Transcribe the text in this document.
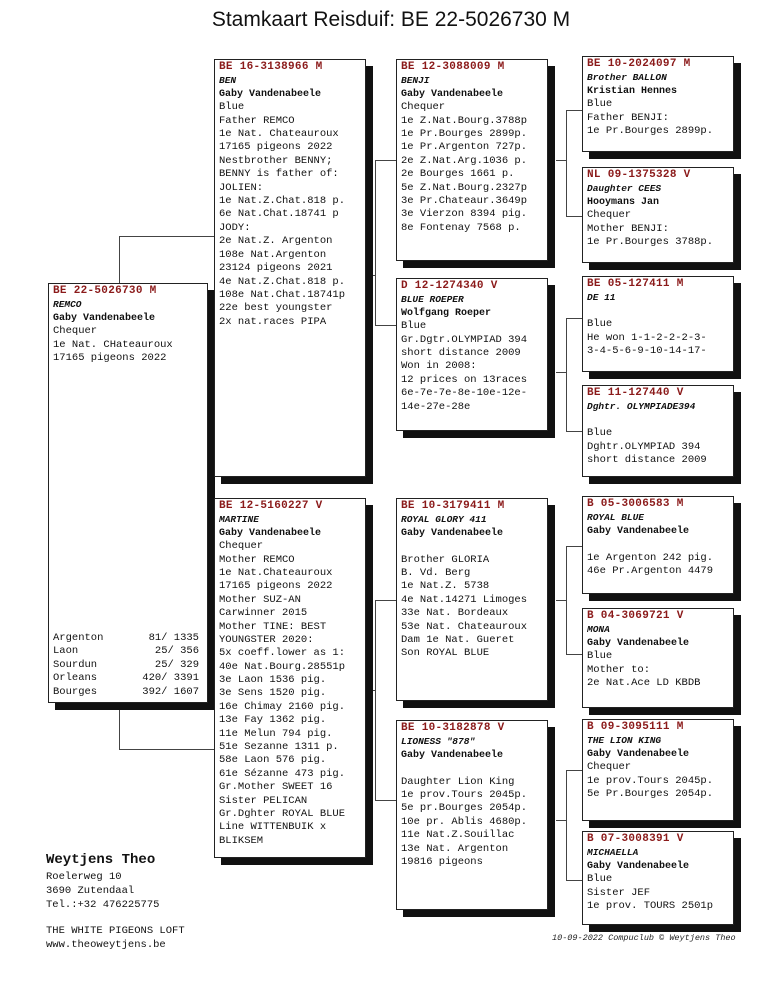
Stamkaart Reisduif: BE 22-5026730 M
BE 22-5026730 M
REMCO
Gaby Vandenabeele
Chequer
1e Nat. CHateauroux
17165 pigeons 2022
Argenton	81/ 1335
Laon	25/ 356
Sourdun	25/ 329
Orleans	420/ 3391
Bourges	392/ 1607
BE 16-3138966 M
BEN
Gaby Vandenabeele
Blue
Father REMCO
1e Nat. Chateauroux
17165 pigeons 2022
Nestbrother BENNY;
BENNY is father of:
JOLIEN:
1e Nat.Z.Chat.818 p.
6e Nat.Chat.18741 p
JODY:
2e Nat.Z. Argenton
108e Nat.Argenton
23124 pigeons 2021
4e Nat.Z.Chat.818 p.
108e Nat.Chat.18741p
22e best youngster
2x nat.races PIPA
BE 12-5160227 V
MARTINE
Gaby Vandenabeele
Chequer
Mother REMCO
1e Nat.Chateauroux
17165 pigeons 2022
Mother SUZ-AN
Carwinner 2015
Mother TINE: BEST
YOUNGSTER 2020:
5x coeff.lower as 1:
40e Nat.Bourg.28551p
3e Laon 1536 pig.
3e Sens 1520 pig.
16e Chimay 2160 pig.
13e Fay 1362 pig.
11e Melun 794 pig.
51e Sezanne 1311 p.
58e Laon 576 pig.
61e Sézanne 473 pig.
Gr.Mother SWEET 16
Sister PELICAN
Gr.Dghter ROYAL BLUE
Line WITTENBUIK x
BLIKSEM
BE 12-3088009 M
BENJI
Gaby Vandenabeele
Chequer
1e Z.Nat.Bourg.3788p
1e Pr.Bourges 2899p.
1e Pr.Argenton 727p.
2e Z.Nat.Arg.1036 p.
2e Bourges 1661 p.
5e Z.Nat.Bourg.2327p
3e Pr.Chateaur.3649p
3e Vierzon 8394 pig.
8e Fontenay 7568 p.
D 12-1274340 V
BLUE ROEPER
Wolfgang Roeper
Blue
Gr.Dgtr.OLYMPIAD 394
short distance 2009
Won in 2008:
12 prices on 13races
6e-7e-7e-8e-10e-12e-
14e-27e-28e
BE 10-3179411 M
ROYAL GLORY 411
Gaby Vandenabeele
Brother GLORIA
B. Vd. Berg
1e Nat.Z. 5738
4e Nat.14271 Limoges
33e Nat. Bordeaux
53e Nat. Chateauroux
Dam 1e Nat. Gueret
Son ROYAL BLUE
BE 10-3182878 V
LIONESS "878"
Gaby Vandenabeele
Daughter Lion King
1e prov.Tours 2045p.
5e pr.Bourges 2054p.
10e pr. Ablis 4680p.
11e Nat.Z.Souillac
13e Nat. Argenton
19816 pigeons
BE 10-2024097 M
Brother BALLON
Kristian Hennes
Blue
Father BENJI:
1e Pr.Bourges 2899p.
NL 09-1375328 V
Daughter CEES
Hooymans Jan
Chequer
Mother BENJI:
1e Pr.Bourges 3788p.
BE 05-127411 M
DE 11
Blue
He won 1-1-2-2-2-3-
3-4-5-6-9-10-14-17-
BE 11-127440 V
Dghtr. OLYMPIADE394
Blue
Dghtr.OLYMPIAD 394
short distance 2009
B 05-3006583 M
ROYAL BLUE
Gaby Vandenabeele
1e Argenton 242 pig.
46e Pr.Argenton 4479
B 04-3069721 V
MONA
Gaby Vandenabeele
Blue
Mother to:
2e Nat.Ace LD KBDB
B 09-3095111 M
THE LION KING
Gaby Vandenabeele
Chequer
1e prov.Tours 2045p.
5e Pr.Bourges 2054p.
B 07-3008391 V
MICHAELLA
Gaby Vandenabeele
Blue
Sister JEF
1e prov. TOURS 2501p
Weytjens Theo
Roelerweg 10
3690 Zutendaal
Tel.:+32 476225775
THE WHITE PIGEONS LOFT
www.theoweytjens.be
10-09-2022 Compuclub © Weytjens Theo
